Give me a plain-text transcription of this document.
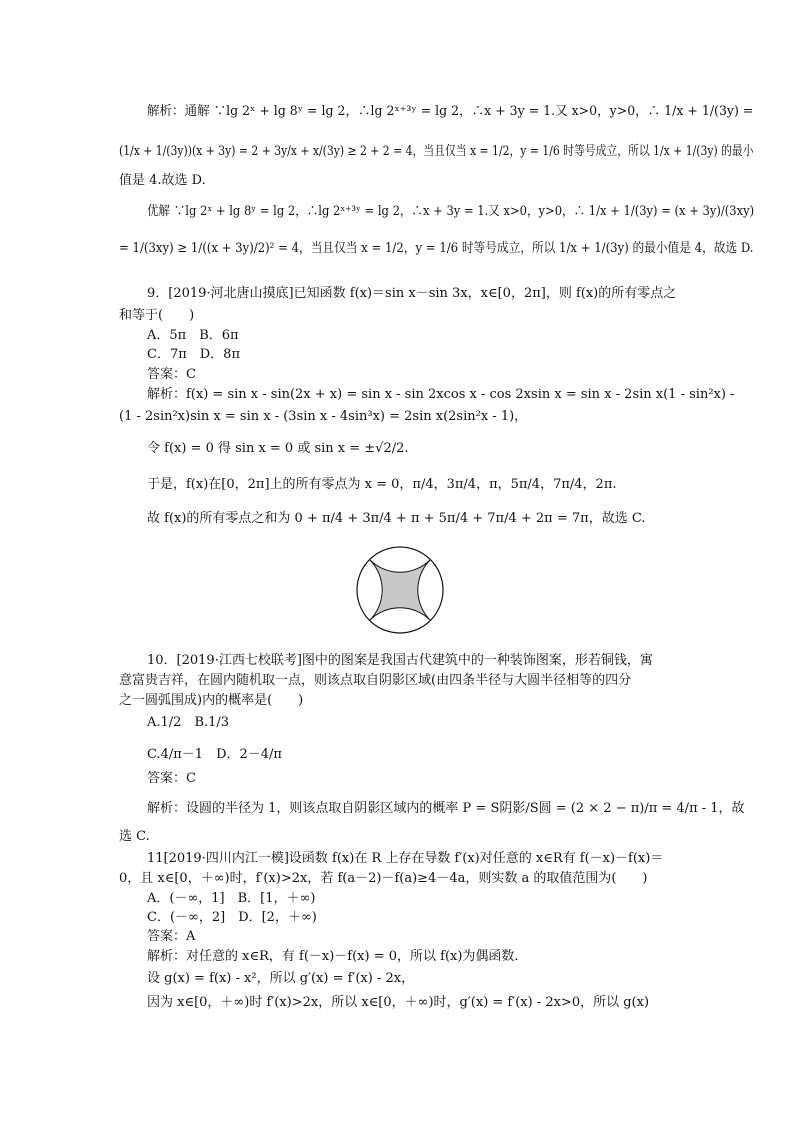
解析：通解 ∵lg 2ˣ + lg 8ʸ = lg 2，∴lg 2ˣ⁺³ʸ = lg 2，∴x + 3y = 1.又 x>0，y>0，∴ 1/x + 1/(3y) =
(1/x + 1/(3y))(x + 3y) = 2 + 3y/x + x/(3y) ≥ 2 + 2 = 4，当且仅当 x = 1/2，y = 1/6 时等号成立，所以 1/x + 1/(3y) 的最小
值是 4.故选 D.
优解 ∵lg 2ˣ + lg 8ʸ = lg 2，∴lg 2ˣ⁺³ʸ = lg 2，∴x + 3y = 1.又 x>0，y>0，∴ 1/x + 1/(3y) = (x + 3y)/(3xy)
= 1/(3xy) ≥ 1/((x + 3y)/2)² = 4，当且仅当 x = 1/2，y = 1/6 时等号成立，所以 1/x + 1/(3y) 的最小值是 4，故选 D.
9．[2019·河北唐山摸底]已知函数 f(x)＝sin x－sin 3x，x∈[0，2π]，则 f(x)的所有零点之
和等于(　　)
A．5π　B．6π
C．7π　D．8π
答案：C
解析：f(x) = sin x - sin(2x + x) = sin x - sin 2xcos x - cos 2xsin x = sin x - 2sin x(1 - sin²x) -
(1 - 2sin²x)sin x = sin x - (3sin x - 4sin³x) = 2sin x(2sin²x - 1)，
令 f(x) = 0 得 sin x = 0 或 sin x = ±√2/2.
于是，f(x)在[0，2π]上的所有零点为 x = 0，π/4，3π/4，π，5π/4，7π/4，2π.
故 f(x)的所有零点之和为 0 + π/4 + 3π/4 + π + 5π/4 + 7π/4 + 2π = 7π，故选 C.
10．[2019·江西七校联考]图中的图案是我国古代建筑中的一种装饰图案，形若铜钱，寓
意富贵吉祥，在圆内随机取一点，则该点取自阴影区域(由四条半径与大圆半径相等的四分
之一圆弧围成)内的概率是(　　)
A.1/2　B.1/3
C.4/π－1　D．2－4/π
答案：C
解析：设圆的半径为 1，则该点取自阴影区域内的概率 P = S阴影/S圆 = (2 × 2 − π)/π = 4/π - 1，故
选 C.
11[2019·四川内江一模]设函数 f(x)在 R 上存在导数 f′(x)对任意的 x∈R有 f(－x)－f(x)＝
0，且 x∈[0，＋∞)时，f′(x)>2x，若 f(a－2)－f(a)≥4－4a，则实数 a 的取值范围为(　　)
A．(－∞，1]　B．[1，＋∞)
C．(－∞，2]　D．[2，＋∞)
答案：A
解析：对任意的 x∈R，有 f(－x)－f(x) = 0，所以 f(x)为偶函数．
设 g(x) = f(x) - x²，所以 g′(x) = f′(x) - 2x，
因为 x∈[0，＋∞)时 f′(x)>2x，所以 x∈[0，＋∞)时，g′(x) = f′(x) - 2x>0，所以 g(x)
